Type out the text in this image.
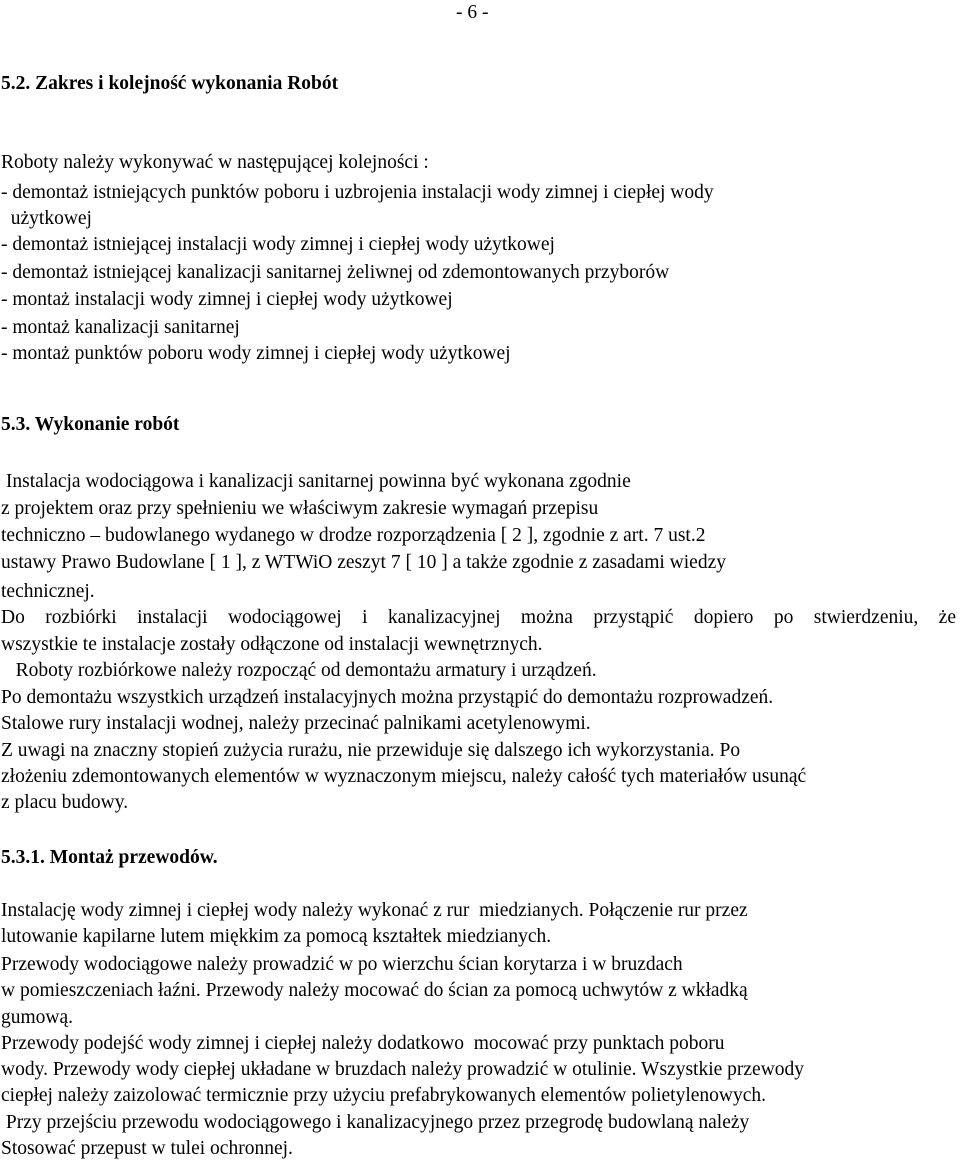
- 6 -
5.2. Zakres i kolejność wykonania Robót
Roboty należy wykonywać w następującej kolejności :
- demontaż istniejących punktów poboru i uzbrojenia instalacji wody zimnej i ciepłej wody
użytkowej
- demontaż istniejącej instalacji wody zimnej i ciepłej wody użytkowej
- demontaż istniejącej kanalizacji sanitarnej żeliwnej od zdemontowanych przyborów
- montaż instalacji wody zimnej i ciepłej wody użytkowej
- montaż kanalizacji sanitarnej
- montaż punktów poboru wody zimnej i ciepłej wody użytkowej
5.3. Wykonanie robót
Instalacja wodociągowa i kanalizacji sanitarnej powinna być wykonana zgodnie
z projektem oraz przy spełnieniu we właściwym zakresie wymagań przepisu
techniczno – budowlanego wydanego w drodze rozporządzenia [ 2 ], zgodnie z art. 7 ust.2
ustawy Prawo Budowlane [ 1 ], z WTWiO zeszyt 7 [ 10 ] a także zgodnie z zasadami wiedzy
technicznej.
Do rozbiórki instalacji wodociągowej i kanalizacyjnej można przystąpić dopiero po stwierdzeniu, że
wszystkie te instalacje zostały odłączone od instalacji wewnętrznych.
Roboty rozbiórkowe należy rozpocząć od demontażu armatury i urządzeń.
Po demontażu wszystkich urządzeń instalacyjnych można przystąpić do demontażu rozprowadzeń.
Stalowe rury instalacji wodnej, należy przecinać palnikami acetylenowymi.
Z uwagi na znaczny stopień zużycia rurażu, nie przewiduje się dalszego ich wykorzystania. Po
złożeniu zdemontowanych elementów w wyznaczonym miejscu, należy całość tych materiałów usunąć
z placu budowy.
5.3.1. Montaż przewodów.
Instalację wody zimnej i ciepłej wody należy wykonać z rur  miedzianych. Połączenie rur przez
lutowanie kapilarne lutem miękkim za pomocą kształtek miedzianych.
Przewody wodociągowe należy prowadzić w po wierzchu ścian korytarza i w bruzdach
w pomieszczeniach łaźni. Przewody należy mocować do ścian za pomocą uchwytów z wkładką
gumową.
Przewody podejść wody zimnej i ciepłej należy dodatkowo  mocować przy punktach poboru
wody. Przewody wody ciepłej układane w bruzdach należy prowadzić w otulinie. Wszystkie przewody
ciepłej należy zaizolować termicznie przy użyciu prefabrykowanych elementów polietylenowych.
Przy przejściu przewodu wodociągowego i kanalizacyjnego przez przegrodę budowlaną należy
Stosować przepust w tulei ochronnej.
